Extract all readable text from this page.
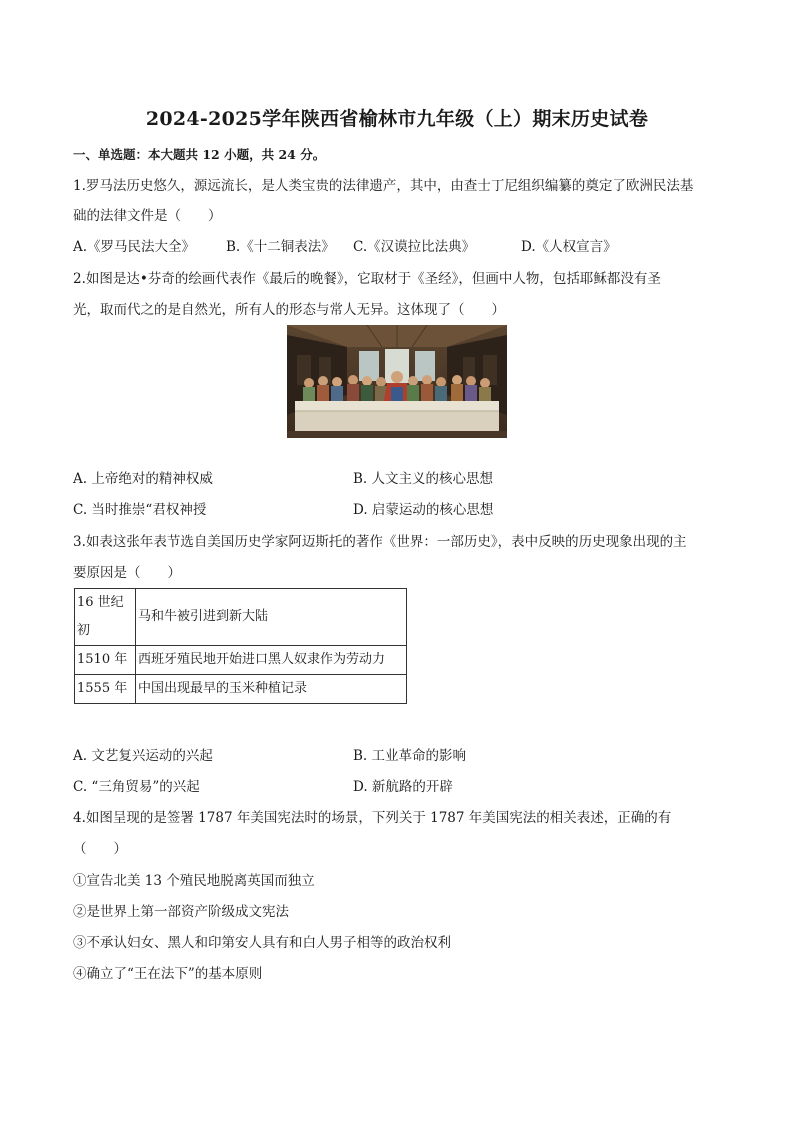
2024-2025学年陕西省榆林市九年级（上）期末历史试卷
一、单选题：本大题共 12 小题，共 24 分。
1.罗马法历史悠久，源远流长，是人类宝贵的法律遗产，其中，由查士丁尼组织编纂的奠定了欧洲民法基
础的法律文件是（　　）
A.《罗马民法大全》 B.《十二铜表法》 C.《汉谟拉比法典》	D.《人权宣言》
2.如图是达•芬奇的绘画代表作《最后的晚餐》，它取材于《圣经》，但画中人物，包括耶稣都没有圣
光，取而代之的是自然光，所有人的形态与常人无异。这体现了（　　）
A. 上帝绝对的精神权威	B. 人文主义的核心思想
C. 当时推崇“君权神授	D. 启蒙运动的核心思想
3.如表这张年表节选自美国历史学家阿迈斯托的著作《世界：一部历史》，表中反映的历史现象出现的主
要原因是（　　）
16 世纪初	马和牛被引进到新大陆
1510 年	西班牙殖民地开始进口黑人奴隶作为劳动力
1555 年	中国出现最早的玉米种植记录
A. 文艺复兴运动的兴起	B. 工业革命的影响
C. “三角贸易”的兴起	D. 新航路的开辟
4.如图呈现的是签署 1787 年美国宪法时的场景，下列关于 1787 年美国宪法的相关表述，正确的有
（　　）
①宣告北美 13 个殖民地脱离英国而独立
②是世界上第一部资产阶级成文宪法
③不承认妇女、黑人和印第安人具有和白人男子相等的政治权利
④确立了“王在法下”的基本原则
